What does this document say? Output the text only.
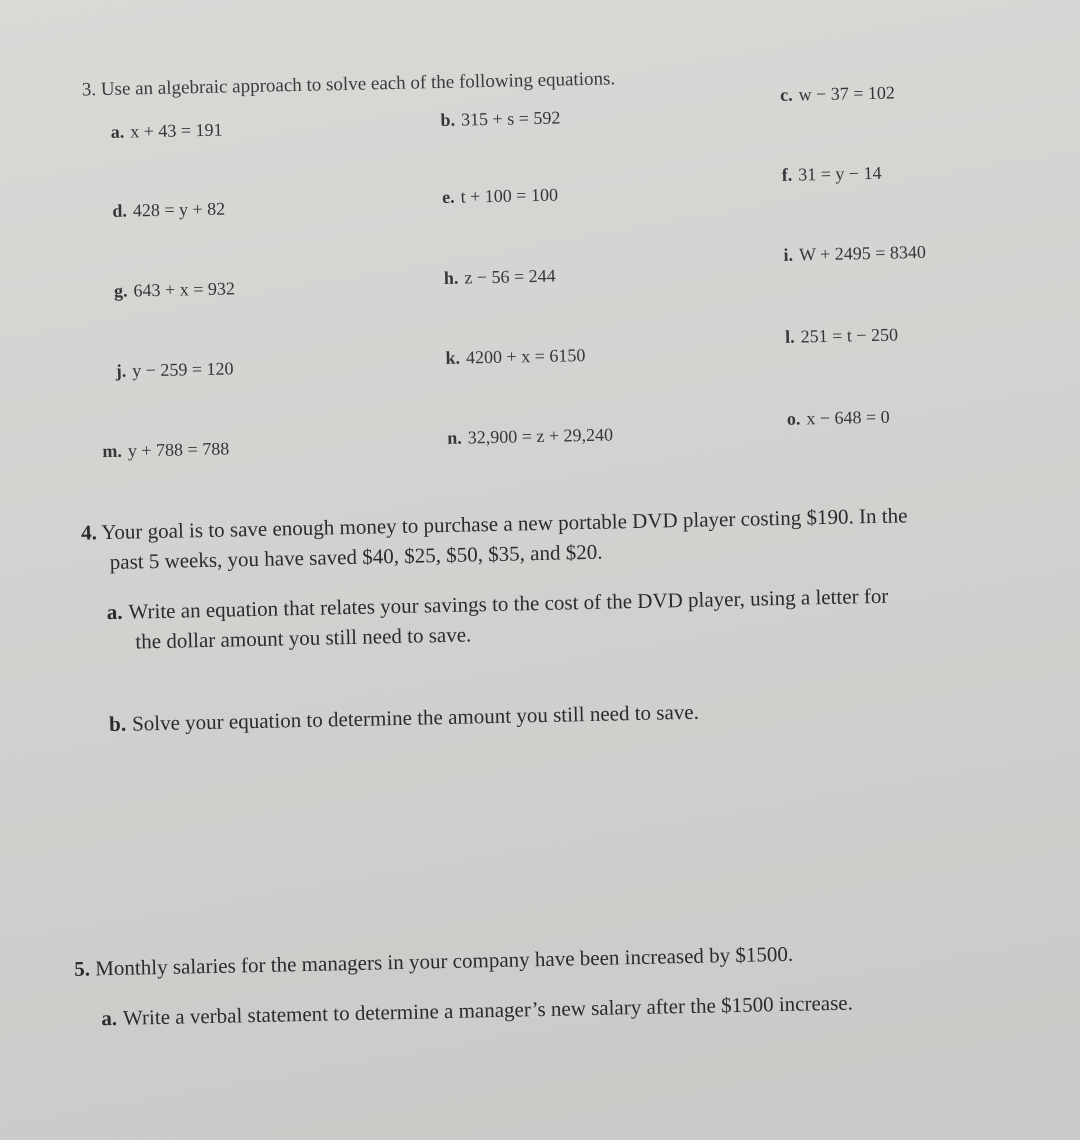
3. Use an algebraic approach to solve each of the following equations.
a. x + 43 = 191	b. 315 + s = 592
c. w − 37 = 102
d. 428 = y + 82
e. t + 100 = 100
f. 31 = y − 14
g. 643 + x = 932
h. z − 56 = 244
i. W + 2495 = 8340
j. y − 259 = 120
k. 4200 + x = 6150
l. 251 = t − 250
m. y + 788 = 788
n. 32,900 = z + 29,240
o. x − 648 = 0
4. Your goal is to save enough money to purchase a new portable DVD player costing $190. In the
past 5 weeks, you have saved $40, $25, $50, $35, and $20.
a. Write an equation that relates your savings to the cost of the DVD player, using a letter for
the dollar amount you still need to save.
b. Solve your equation to determine the amount you still need to save.
5. Monthly salaries for the managers in your company have been increased by $1500.
a. Write a verbal statement to determine a manager’s new salary after the $1500 increase.
